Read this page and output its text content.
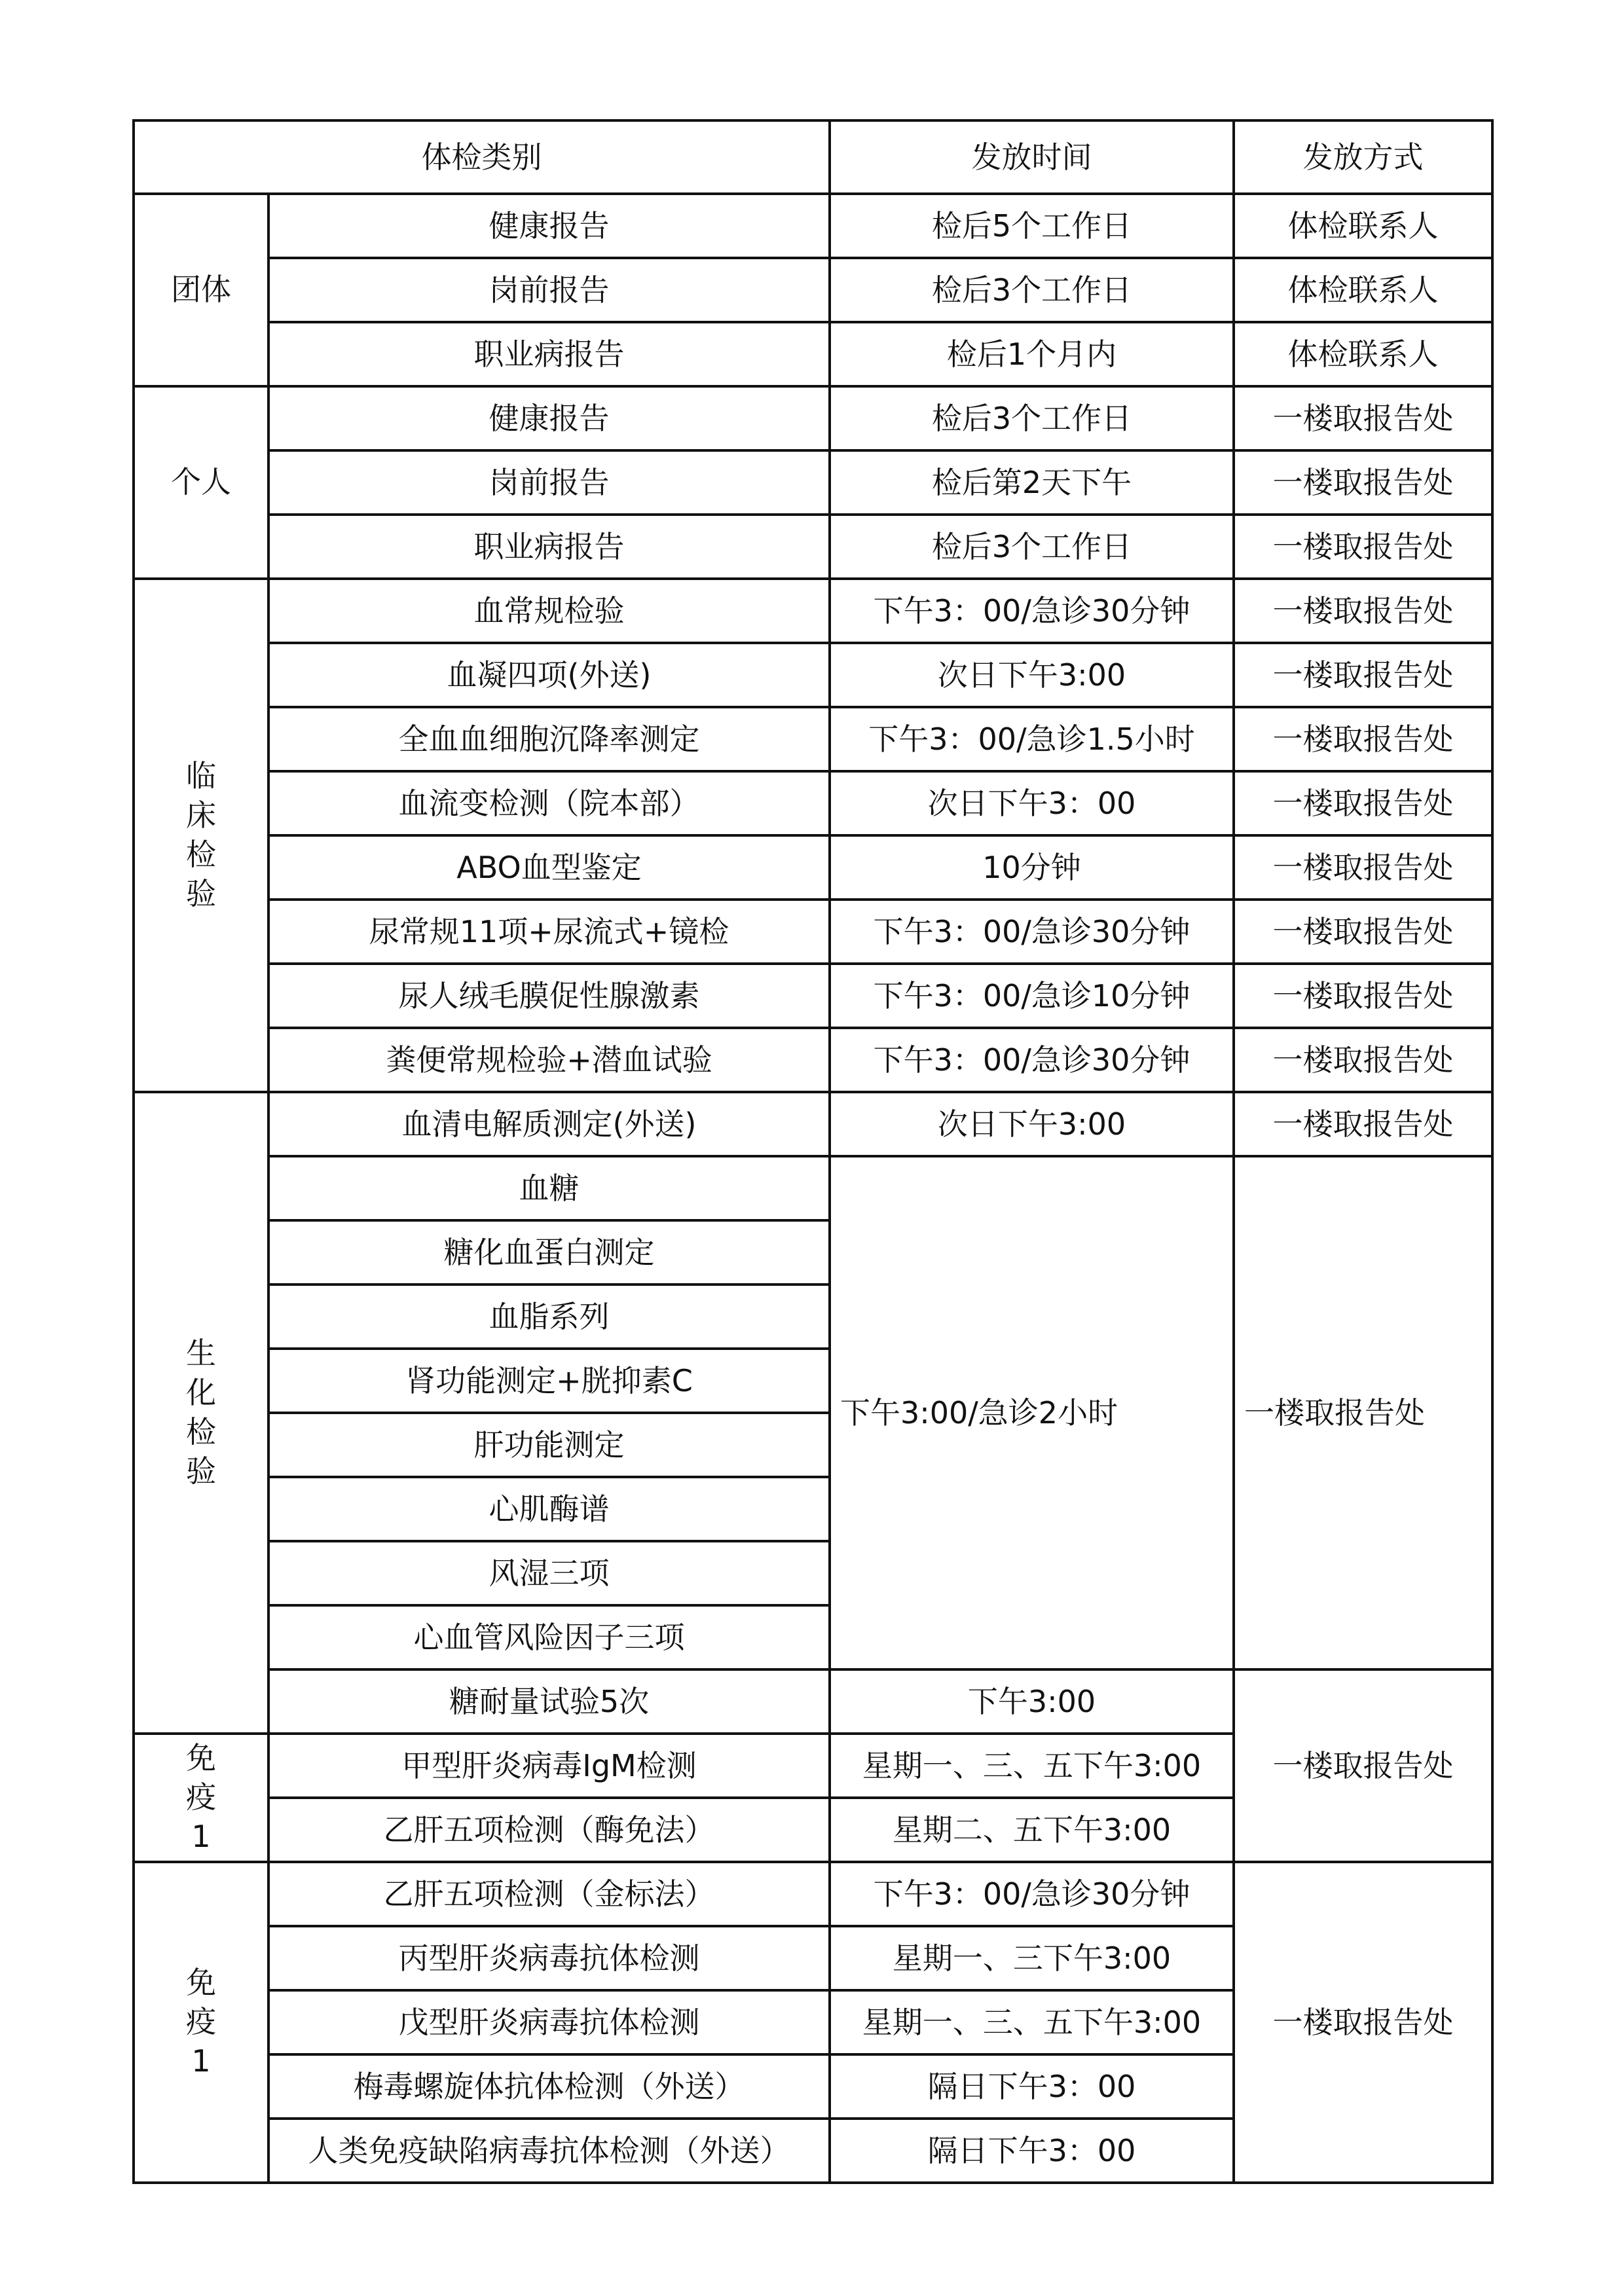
体检类别		发放时间	发放方式
团体	健康报告	检后5个工作日	体检联系人
	岗前报告	检后3个工作日	体检联系人
	职业病报告	检后1个月内	体检联系人
个人	健康报告	检后3个工作日	一楼取报告处
	岗前报告	检后第2天下午	一楼取报告处
	职业病报告	检后3个工作日	一楼取报告处
临床检验	血常规检验	下午3：00/急诊30分钟	一楼取报告处
	血凝四项(外送)	次日下午3:00	一楼取报告处
	全血血细胞沉降率测定	下午3：00/急诊1.5小时	一楼取报告处
	血流变检测（院本部）	次日下午3：00	一楼取报告处
	ABO血型鉴定	10分钟	一楼取报告处
	尿常规11项+尿流式+镜检	下午3：00/急诊30分钟	一楼取报告处
	尿人绒毛膜促性腺激素	下午3：00/急诊10分钟	一楼取报告处
	粪便常规检验+潜血试验	下午3：00/急诊30分钟	一楼取报告处
生化检验	血清电解质测定(外送)	次日下午3:00	一楼取报告处
	血糖	下午3:00/急诊2小时	一楼取报告处
	糖化血蛋白测定		
	血脂系列		
	肾功能测定+胱抑素C		
	肝功能测定		
	心肌酶谱		
	风湿三项		
	心血管风险因子三项		
	糖耐量试验5次	下午3:00	一楼取报告处
免疫1	甲型肝炎病毒IgM检测	星期一、三、五下午3:00	
	乙肝五项检测（酶免法）	星期二、五下午3:00	
免疫1	乙肝五项检测（金标法）	下午3：00/急诊30分钟	一楼取报告处
	丙型肝炎病毒抗体检测	星期一、三下午3:00	
	戊型肝炎病毒抗体检测	星期一、三、五下午3:00	
	梅毒螺旋体抗体检测（外送）	隔日下午3：00	
	人类免疫缺陷病毒抗体检测（外送）	隔日下午3：00	
